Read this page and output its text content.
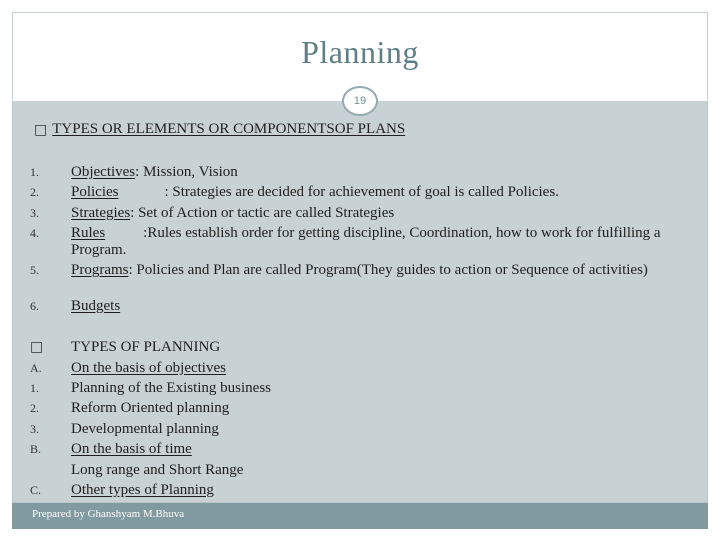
Planning
19
□ TYPES OR ELEMENTS OR COMPONENTSOF PLANS
1.	Objectives: Mission, Vision
2.	Policies	: Strategies are decided for achievement of goal is called Policies.
3.	Strategies: Set of Action or tactic are called Strategies
4.	Rules	:Rules establish order for getting discipline, Coordination, how to work for fulfilling a Program.
5.	Programs: Policies and Plan are called Program(They guides to action or Sequence of activities)
6.	Budgets
□	TYPES OF PLANNING
A.	On the basis of objectives
1.	Planning of the Existing business
2.	Reform Oriented planning
3.	Developmental planning
B.	On the basis of time
Long range and Short Range
C.	Other types of Planning
Prepared by Ghanshyam M.Bhuva
